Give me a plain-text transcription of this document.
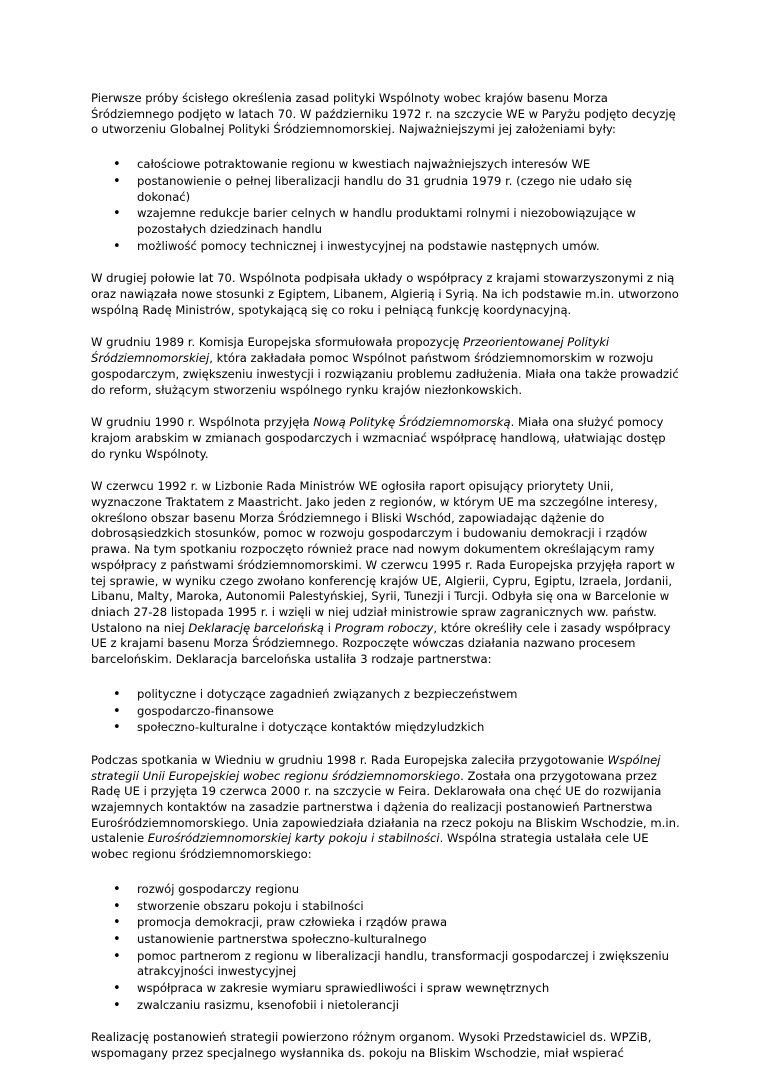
Pierwsze próby ścisłego określenia zasad polityki Wspólnoty wobec krajów basenu Morza Śródziemnego podjęto w latach 70. W październiku 1972 r. na szczycie WE w Paryżu podjęto decyzję o utworzeniu Globalnej Polityki Śródziemnomorskiej. Najważniejszymi jej założeniami były:

• całościowe potraktowanie regionu w kwestiach najważniejszych interesów WE
• postanowienie o pełnej liberalizacji handlu do 31 grudnia 1979 r. (czego nie udało się dokonać)
• wzajemne redukcje barier celnych w handlu produktami rolnymi i niezobowiązujące w pozostałych dziedzinach handlu
• możliwość pomocy technicznej i inwestycyjnej na podstawie następnych umów.

W drugiej połowie lat 70. Wspólnota podpisała układy o współpracy z krajami stowarzyszonymi z nią oraz nawiązała nowe stosunki z Egiptem, Libanem, Algierią i Syrią. Na ich podstawie m.in. utworzono wspólną Radę Ministrów, spotykającą się co roku i pełniącą funkcję koordynacyjną.

W grudniu 1989 r. Komisja Europejska sformułowała propozycję Przeorientowanej Polityki Śródziemnomorskiej, która zakładała pomoc Wspólnot państwom śródziemnomorskim w rozwoju gospodarczym, zwiększeniu inwestycji i rozwiązaniu problemu zadłużenia. Miała ona także prowadzić do reform, służącym stworzeniu wspólnego rynku krajów niezłonkowskich.

W grudniu 1990 r. Wspólnota przyjęła Nową Politykę Śródziemnomorską. Miała ona służyć pomocy krajom arabskim w zmianach gospodarczych i wzmacniać współpracę handlową, ułatwiając dostęp do rynku Wspólnoty.

W czerwcu 1992 r. w Lizbonie Rada Ministrów WE ogłosiła raport opisujący priorytety Unii, wyznaczone Traktatem z Maastricht. Jako jeden z regionów, w którym UE ma szczególne interesy, określono obszar basenu Morza Śródziemnego i Bliski Wschód, zapowiadając dążenie do dobrosąsiedzkich stosunków, pomoc w rozwoju gospodarczym i budowaniu demokracji i rządów prawa. Na tym spotkaniu rozpoczęto również prace nad nowym dokumentem określającym ramy współpracy z państwami śródziemnomorskimi. W czerwcu 1995 r. Rada Europejska przyjęła raport w tej sprawie, w wyniku czego zwołano konferencję krajów UE, Algierii, Cypru, Egiptu, Izraela, Jordanii, Libanu, Malty, Maroka, Autonomii Palestyńskiej, Syrii, Tunezji i Turcji. Odbyła się ona w Barcelonie w dniach 27-28 listopada 1995 r. i wzięli w niej udział ministrowie spraw zagranicznych ww. państw. Ustalono na niej Deklarację barcelońską i Program roboczy, które określiły cele i zasady współpracy UE z krajami basenu Morza Śródziemnego. Rozpoczęte wówczas działania nazwano procesem barcelońskim. Deklaracja barcelońska ustaliła 3 rodzaje partnerstwa:

• polityczne i dotyczące zagadnień związanych z bezpieczeństwem
• gospodarczo-finansowe
• społeczno-kulturalne i dotyczące kontaktów międzyludzkich

Podczas spotkania w Wiedniu w grudniu 1998 r. Rada Europejska zaleciła przygotowanie Wspólnej strategii Unii Europejskiej wobec regionu śródziemnomorskiego. Została ona przygotowana przez Radę UE i przyjęta 19 czerwca 2000 r. na szczycie w Feira. Deklarowała ona chęć UE do rozwijania wzajemnych kontaktów na zasadzie partnerstwa i dążenia do realizacji postanowień Partnerstwa Eurośródziemnomorskiego. Unia zapowiedziała działania na rzecz pokoju na Bliskim Wschodzie, m.in. ustalenie Eurośródziemnomorskiej karty pokoju i stabilności. Wspólna strategia ustalała cele UE wobec regionu śródziemnomorskiego:

• rozwój gospodarczy regionu
• stworzenie obszaru pokoju i stabilności
• promocja demokracji, praw człowieka i rządów prawa
• ustanowienie partnerstwa społeczno-kulturalnego
• pomoc partnerom z regionu w liberalizacji handlu, transformacji gospodarczej i zwiększeniu atrakcyjności inwestycyjnej
• współpraca w zakresie wymiaru sprawiedliwości i spraw wewnętrznych
• zwalczaniu rasizmu, ksenofobii i nietolerancji

Realizację postanowień strategii powierzono różnym organom. Wysoki Przedstawiciel ds. WPZiB, wspomagany przez specjalnego wysłannika ds. pokoju na Bliskim Wschodzie, miał wspierać
